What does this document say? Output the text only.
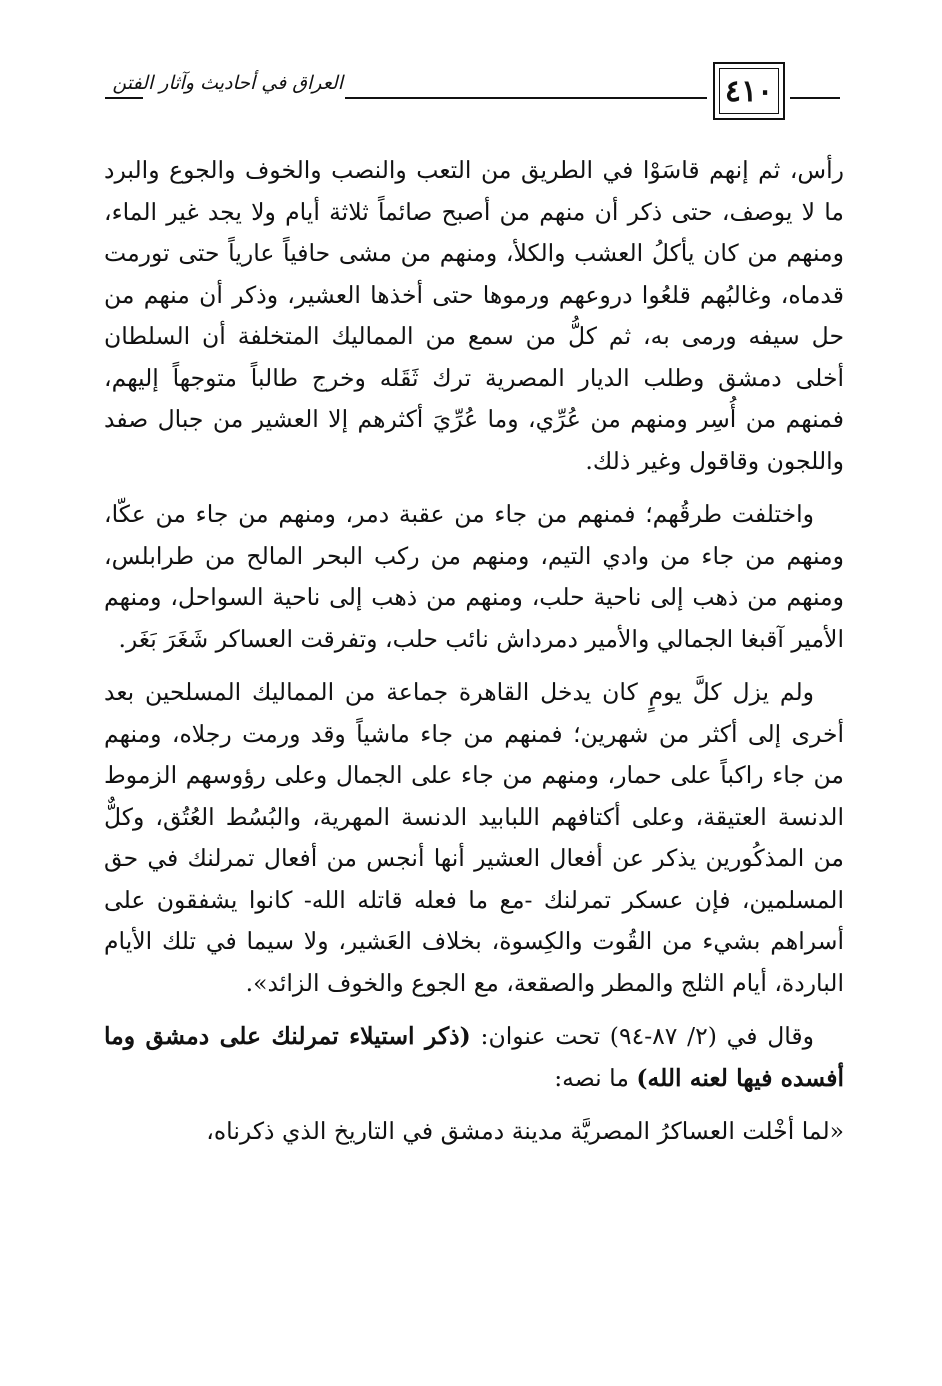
العراق في أحاديث وآثار الفتن	٤١٠

رأس، ثم إنهم قاسَوْا في الطريق من التعب والنصب والخوف والجوع والبرد ما لا يوصف، حتى ذكر أن منهم من أصبح صائماً ثلاثة أيام ولا يجد غير الماء، ومنهم من كان يأكلُ العشب والكلأ، ومنهم من مشى حافياً عارياً حتى تورمت قدماه، وغالبُهم قلعُوا دروعهم ورموها حتى أخذها العشير، وذكر أن منهم من حل سيفه ورمى به، ثم كلُّ من سمع من المماليك المتخلفة أن السلطان أخلى دمشق وطلب الديار المصرية ترك ثَقَله وخرج طالباً متوجهاً إليهم، فمنهم من أُسِر ومنهم من عُرِّي، وما عُرِّيَ أكثرهم إلا العشير من جبال صفد واللجون وقاقول وغير ذلك.

واختلفت طرقُهم؛ فمنهم من جاء من عقبة دمر، ومنهم من جاء من عكّا، ومنهم من جاء من وادي التيم، ومنهم من ركب البحر المالح من طرابلس، ومنهم من ذهب إلى ناحية حلب، ومنهم من ذهب إلى ناحية السواحل، ومنهم الأمير آقبغا الجمالي والأمير دمرداش نائب حلب، وتفرقت العساكر شَغَرَ بَغَر.

ولم يزل كلَّ يومٍ كان يدخل القاهرة جماعة من المماليك المسلحين بعد أخرى إلى أكثر من شهرين؛ فمنهم من جاء ماشياً وقد ورمت رجلاه، ومنهم من جاء راكباً على حمار، ومنهم من جاء على الجمال وعلى رؤوسهم الزموط الدنسة العتيقة، وعلى أكتافهم اللبابيد الدنسة المهرية، والبُسُط العُتُق، وكلٌّ من المذكُورين يذكر عن أفعال العشير أنها أنجس من أفعال تمرلنك في حق المسلمين، فإن عسكر تمرلنك -مع ما فعله قاتله الله- كانوا يشفقون على أسراهم بشيء من القُوت والكِسوة، بخلاف العَشير، ولا سيما في تلك الأيام الباردة، أيام الثلج والمطر والصقعة، مع الجوع والخوف الزائد».

وقال في (٢/ ٨٧-٩٤) تحت عنوان: (ذكر استيلاء تمرلنك على دمشق وما أفسده فيها لعنه الله) ما نصه:

«لما أخْلت العساكرُ المصريَّة مدينة دمشق في التاريخ الذي ذكرناه،
